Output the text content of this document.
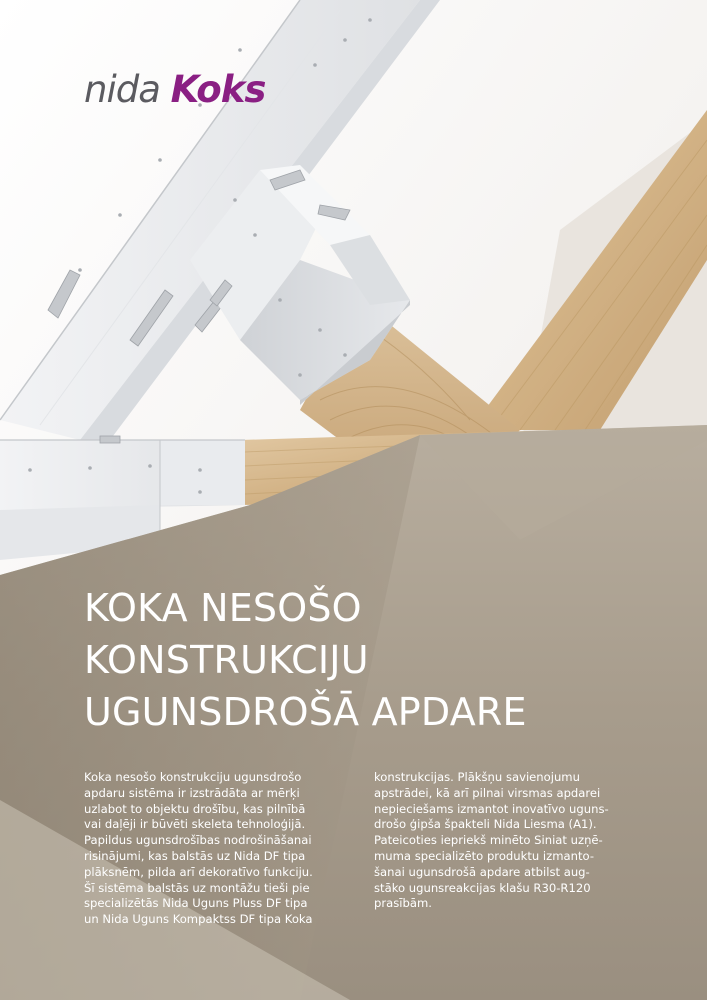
nida Koks
KOKA NESOŠO
KONSTRUKCIJU
UGUNSDROŠĀ APDARE
Koka nesošo konstrukciju ugunsdrošo
apdaru sistēma ir izstrādāta ar mērķi
uzlabot to objektu drošību, kas pilnībā
vai daļēji ir būvēti skeleta tehnoloģijā.
Papildus ugunsdrošības nodrošināšanai
risinājumi, kas balstās uz Nida DF tipa
plāksnēm, pilda arī dekoratīvo funkciju.
Šī sistēma balstās uz montāžu tieši pie
specializētās Nida Uguns Pluss DF tipa
un Nida Uguns Kompaktss DF tipa Koka
konstrukcijas. Plākšņu savienojumu
apstrādei, kā arī pilnai virsmas apdarei
nepieciešams izmantot inovatīvo uguns-
drošo ģipša špakteli Nida Liesma (A1).
Pateicoties iepriekš minēto Siniat uzņē-
muma specializēto produktu izmanto-
šanai ugunsdrošā apdare atbilst aug-
stāko ugunsreakcijas klašu R30-R120
prasībām.
